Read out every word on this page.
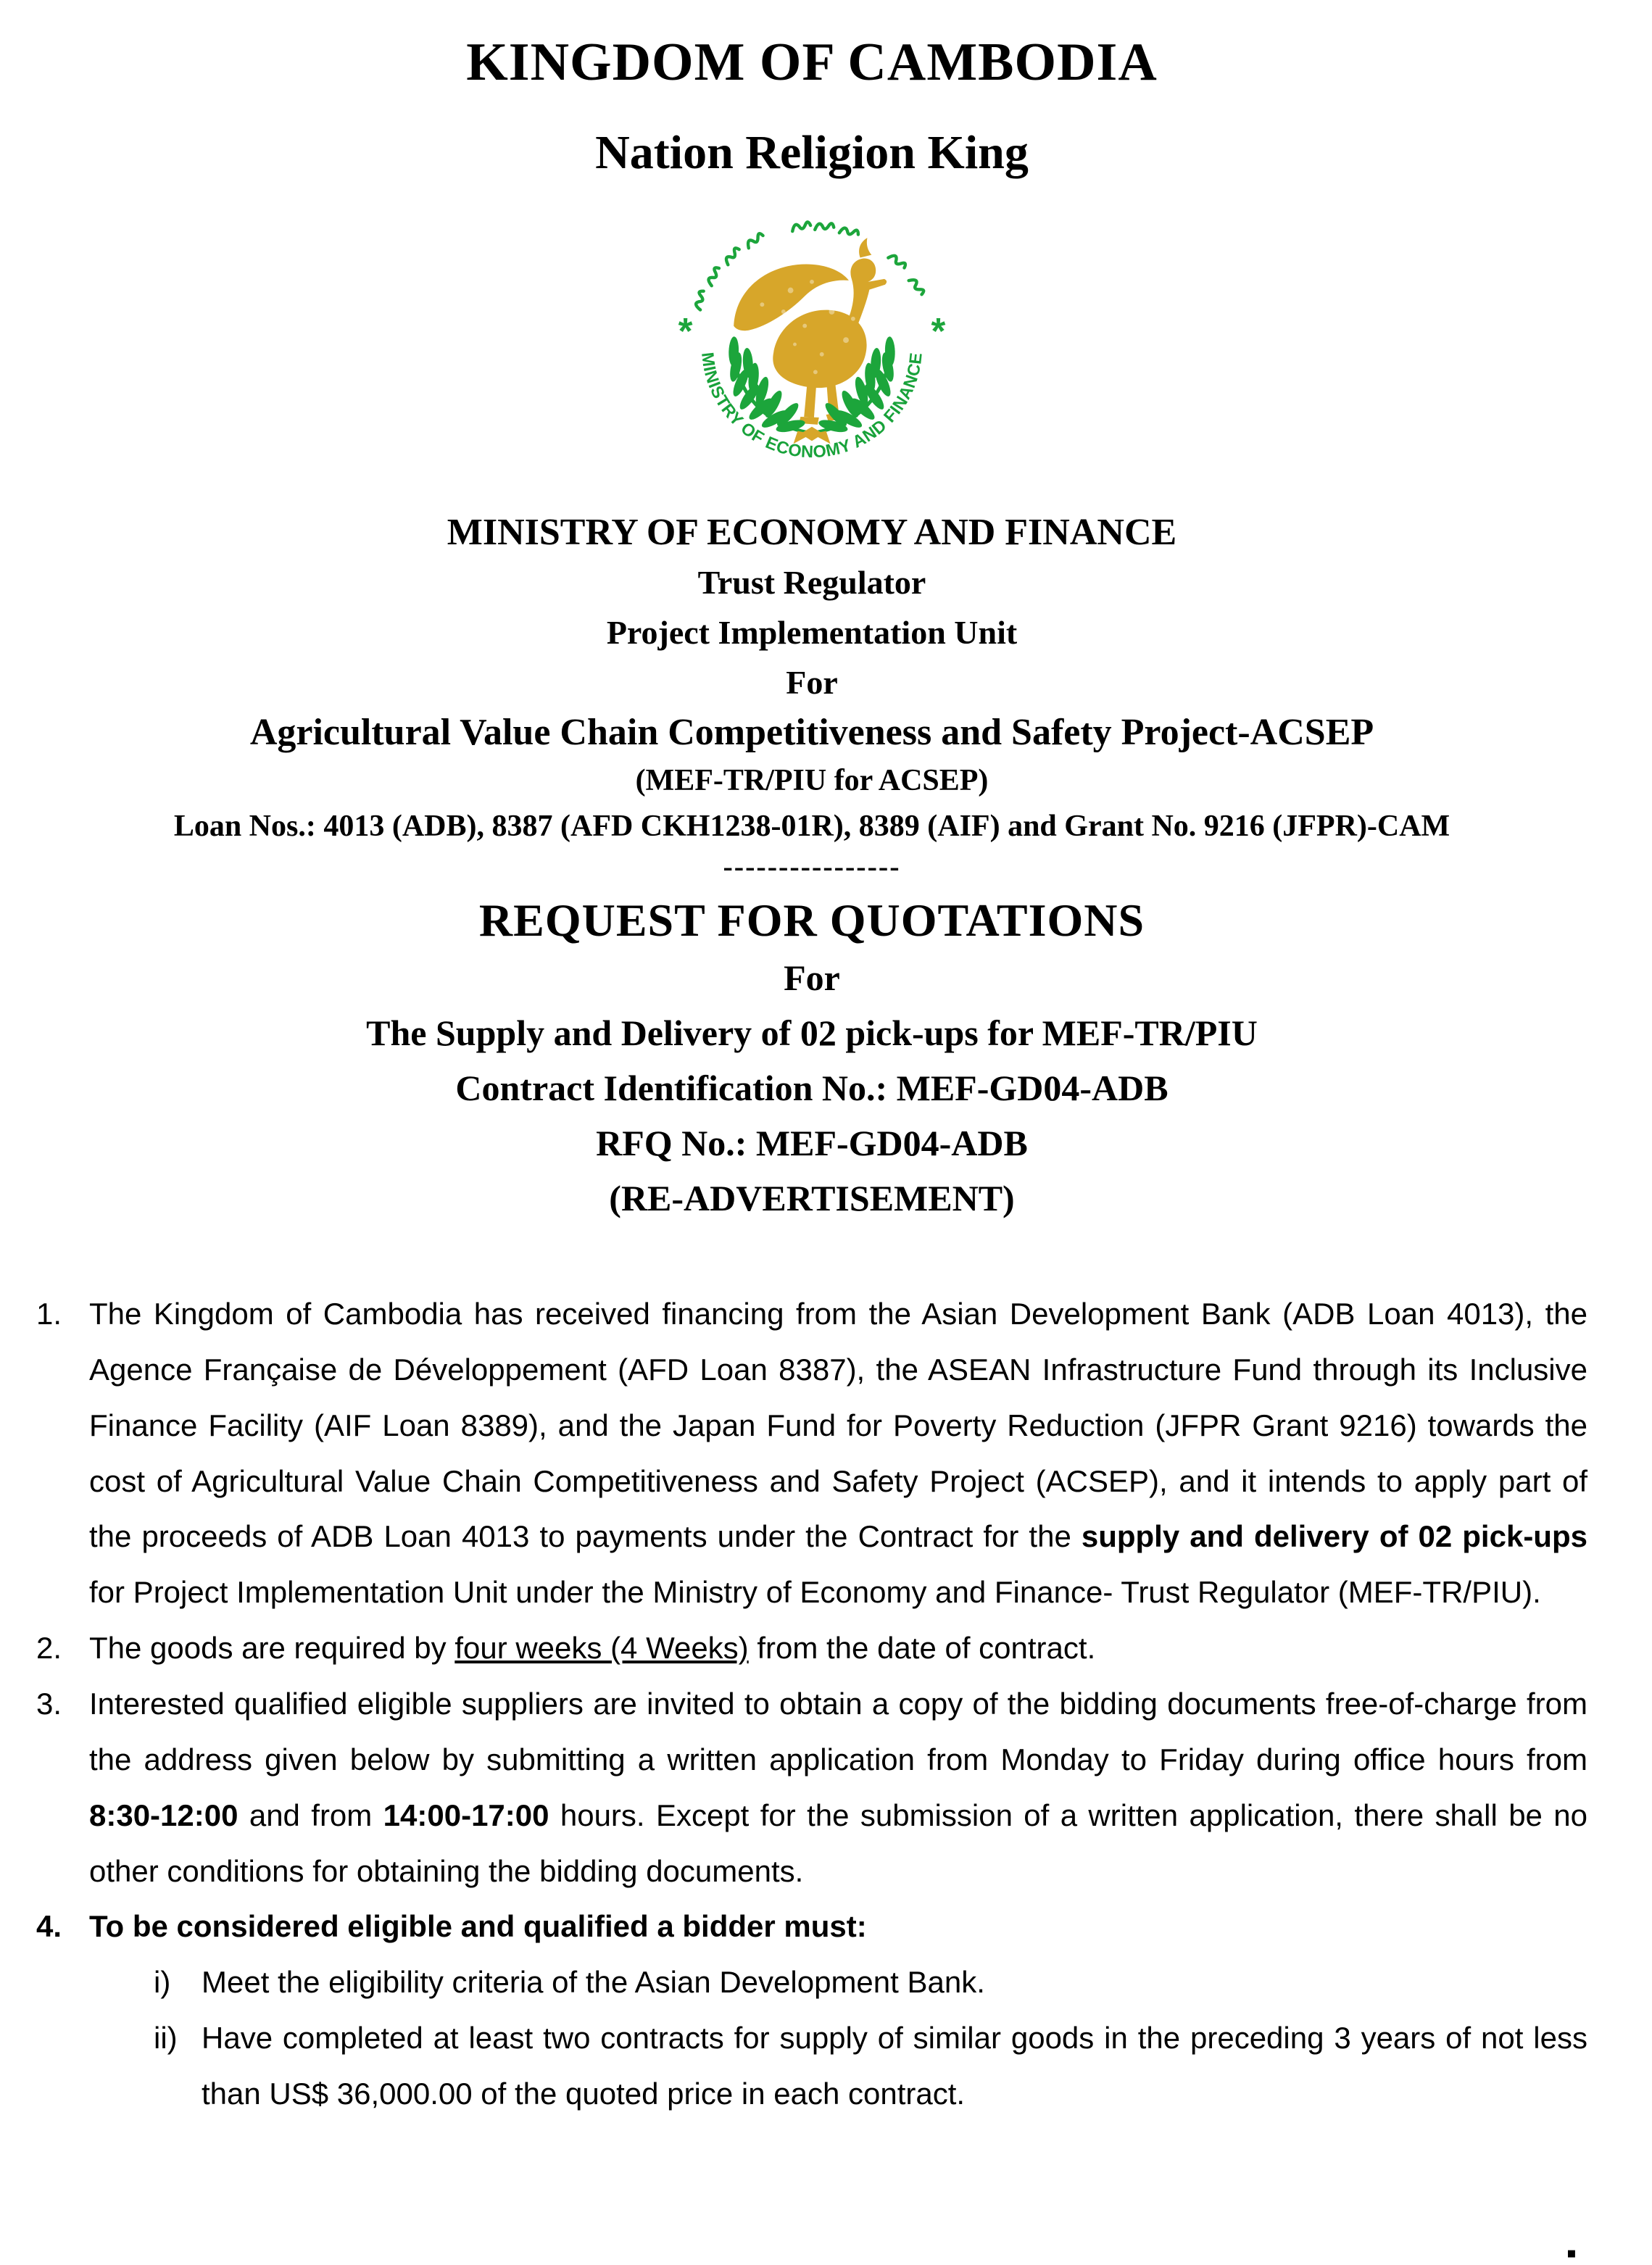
KINGDOM OF CAMBODIA
Nation Religion King
*	*
MINISTRY OF ECONOMY AND FINANCE
MINISTRY OF ECONOMY AND FINANCE
Trust Regulator
Project Implementation Unit
For
Agricultural Value Chain Competitiveness and Safety Project-ACSEP
(MEF-TR/PIU for ACSEP)
Loan Nos.: 4013 (ADB), 8387 (AFD CKH1238-01R), 8389 (AIF) and Grant No. 9216 (JFPR)-CAM
----------------
REQUEST FOR QUOTATIONS
For
The Supply and Delivery of 02 pick-ups for MEF-TR/PIU
Contract Identification No.: MEF-GD04-ADB
RFQ No.: MEF-GD04-ADB
(RE-ADVERTISEMENT)
1. The Kingdom of Cambodia has received financing from the Asian Development Bank (ADB Loan 4013), the Agence Française de Développement (AFD Loan 8387), the ASEAN Infrastructure Fund through its Inclusive Finance Facility (AIF Loan 8389), and the Japan Fund for Poverty Reduction (JFPR Grant 9216) towards the cost of Agricultural Value Chain Competitiveness and Safety Project (ACSEP), and it intends to apply part of the proceeds of ADB Loan 4013 to payments under the Contract for the supply and delivery of 02 pick-ups for Project Implementation Unit under the Ministry of Economy and Finance- Trust Regulator (MEF-TR/PIU).
2. The goods are required by four weeks (4 Weeks) from the date of contract.
3. Interested qualified eligible suppliers are invited to obtain a copy of the bidding documents free-of-charge from the address given below by submitting a written application from Monday to Friday during office hours from 8:30-12:00 and from 14:00-17:00 hours. Except for the submission of a written application, there shall be no other conditions for obtaining the bidding documents.
4. To be considered eligible and qualified a bidder must:
i)	Meet the eligibility criteria of the Asian Development Bank.
ii) Have completed at least two contracts for supply of similar goods in the preceding 3 years of not less than US$ 36,000.00 of the quoted price in each contract.
▪
